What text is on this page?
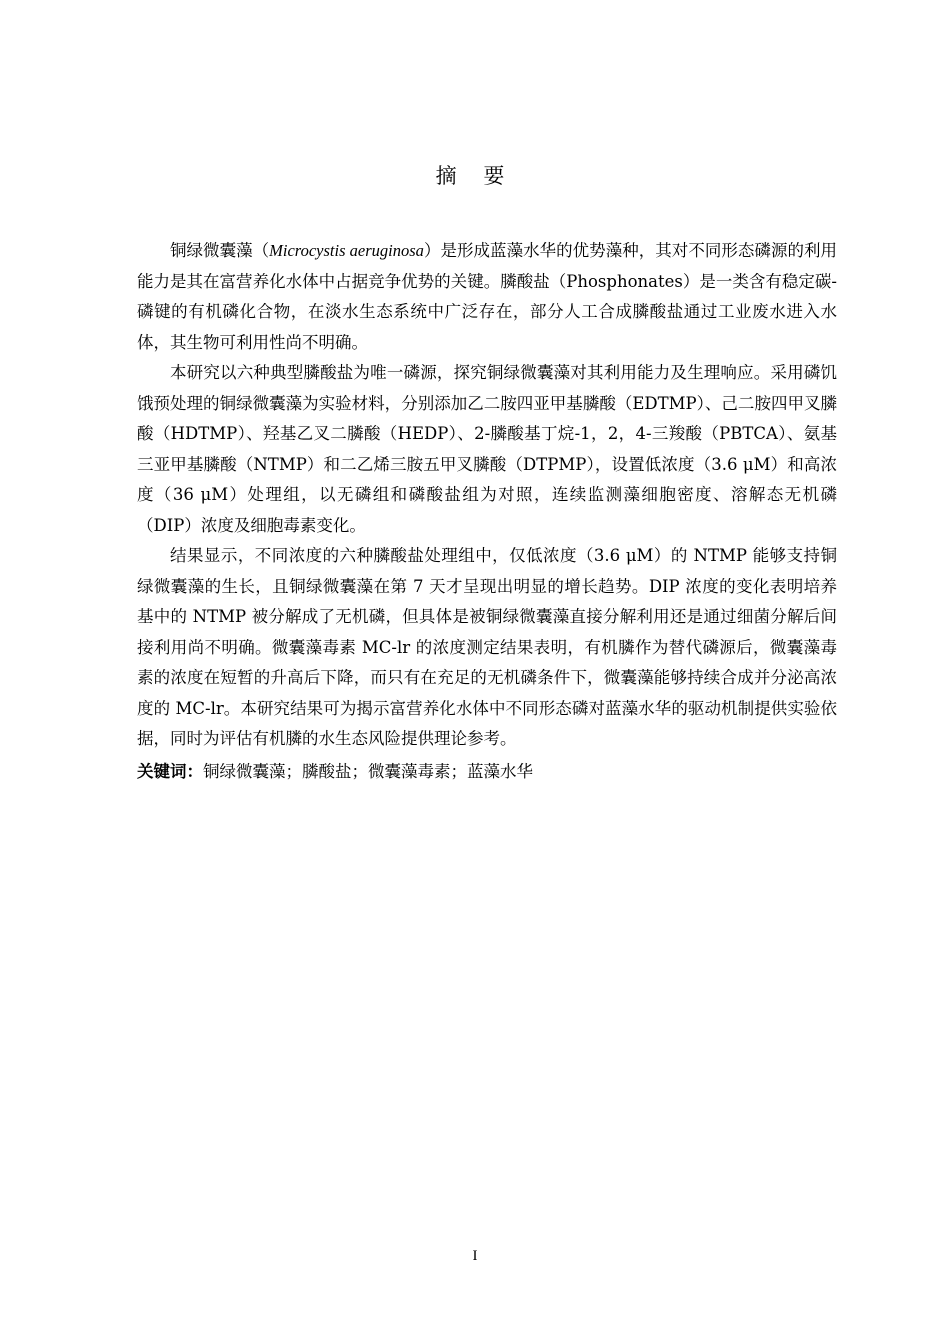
摘 要

铜绿微囊藻（Microcystis aeruginosa）是形成蓝藻水华的优势藻种，其对不同形态磷源的利用能力是其在富营养化水体中占据竞争优势的关键。膦酸盐（Phosphonates）是一类含有稳定碳-磷键的有机磷化合物，在淡水生态系统中广泛存在，部分人工合成膦酸盐通过工业废水进入水体，其生物可利用性尚不明确。

本研究以六种典型膦酸盐为唯一磷源，探究铜绿微囊藻对其利用能力及生理响应。采用磷饥饿预处理的铜绿微囊藻为实验材料，分别添加乙二胺四亚甲基膦酸（EDTMP）、己二胺四甲叉膦酸（HDTMP）、羟基乙叉二膦酸（HEDP）、2-膦酸基丁烷-1，2，4-三羧酸（PBTCA）、氨基三亚甲基膦酸（NTMP）和二乙烯三胺五甲叉膦酸（DTPMP），设置低浓度（3.6 μM）和高浓度（36 μM）处理组，以无磷组和磷酸盐组为对照，连续监测藻细胞密度、溶解态无机磷（DIP）浓度及细胞毒素变化。

结果显示，不同浓度的六种膦酸盐处理组中，仅低浓度（3.6 μM）的 NTMP 能够支持铜绿微囊藻的生长，且铜绿微囊藻在第 7 天才呈现出明显的增长趋势。DIP 浓度的变化表明培养基中的 NTMP 被分解成了无机磷，但具体是被铜绿微囊藻直接分解利用还是通过细菌分解后间接利用尚不明确。微囊藻毒素 MC-lr 的浓度测定结果表明，有机膦作为替代磷源后，微囊藻毒素的浓度在短暂的升高后下降，而只有在充足的无机磷条件下，微囊藻能够持续合成并分泌高浓度的 MC-lr。本研究结果可为揭示富营养化水体中不同形态磷对蓝藻水华的驱动机制提供实验依据，同时为评估有机膦的水生态风险提供理论参考。

关键词：铜绿微囊藻；膦酸盐；微囊藻毒素；蓝藻水华

I
